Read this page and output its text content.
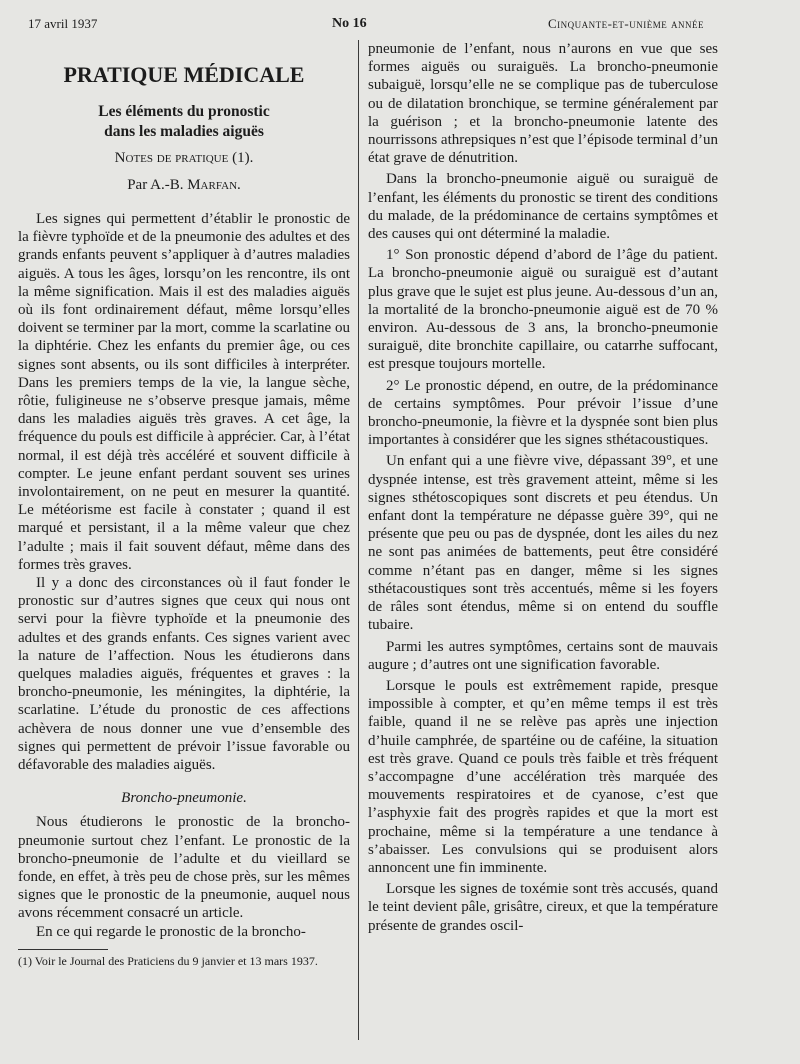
17 avril 1937	No 16	Cinquante-et-unième année
PRATIQUE MÉDICALE
Les éléments du pronostic
dans les maladies aiguës
Notes de pratique (1).
Par A.-B. Marfan.

Les signes qui permettent d’établir le pronostic de la fièvre typhoïde et de la pneumonie des adultes et des grands enfants peuvent s’appliquer à d’autres maladies aiguës. A tous les âges, lorsqu’on les rencontre, ils ont la même signification. Mais il est des maladies aiguës où ils font ordinairement défaut, même lorsqu’elles doivent se terminer par la mort, comme la scarlatine ou la diphtérie. Chez les enfants du premier âge, ou ces signes sont absents, ou ils sont difficiles à interpréter. Dans les premiers temps de la vie, la langue sèche, rôtie, fuligineuse ne s’observe presque jamais, même dans les maladies aiguës très graves. A cet âge, la fréquence du pouls est difficile à apprécier. Car, à l’état normal, il est déjà très accéléré et souvent difficile à compter. Le jeune enfant perdant souvent ses urines involontairement, on ne peut en mesurer la quantité. Le météorisme est facile à constater ; quand il est marqué et persistant, il a la même valeur que chez l’adulte ; mais il fait souvent défaut, même dans des formes très graves.

Il y a donc des circonstances où il faut fonder le pronostic sur d’autres signes que ceux qui nous ont servi pour la fièvre typhoïde et la pneumonie des adultes et des grands enfants. Ces signes varient avec la nature de l’affection. Nous les étudierons dans quelques maladies aiguës, fréquentes et graves : la broncho-pneumonie, les méningites, la diphtérie, la scarlatine. L’étude du pronostic de ces affections achèvera de nous donner une vue d’ensemble des signes qui permettent de prévoir l’issue favorable ou défavorable des maladies aiguës.

Broncho-pneumonie.

Nous étudierons le pronostic de la broncho-pneumonie surtout chez l’enfant. Le pronostic de la broncho-pneumonie de l’adulte et du vieillard se fonde, en effet, à très peu de chose près, sur les mêmes signes que le pronostic de la pneumonie, auquel nous avons récemment consacré un article.

En ce qui regarde le pronostic de la broncho-

(1) Voir le Journal des Praticiens du 9 janvier et 13 mars 1937.

pneumonie de l’enfant, nous n’aurons en vue que ses formes aiguës ou suraiguës. La broncho-pneumonie subaiguë, lorsqu’elle ne se complique pas de tuberculose ou de dilatation bronchique, se termine généralement par la guérison ; et la broncho-pneumonie latente des nourrissons athrepsiques n’est que l’épisode terminal d’un état grave de dénutrition.

Dans la broncho-pneumonie aiguë ou suraiguë de l’enfant, les éléments du pronostic se tirent des conditions du malade, de la prédominance de certains symptômes et des causes qui ont déterminé la maladie.

1° Son pronostic dépend d’abord de l’âge du patient. La broncho-pneumonie aiguë ou suraiguë est d’autant plus grave que le sujet est plus jeune. Au-dessous d’un an, la mortalité de la broncho-pneumonie aiguë est de 70 % environ. Au-dessous de 3 ans, la broncho-pneumonie suraiguë, dite bronchite capillaire, ou catarrhe suffocant, est presque toujours mortelle.

2° Le pronostic dépend, en outre, de la prédominance de certains symptômes. Pour prévoir l’issue d’une broncho-pneumonie, la fièvre et la dyspnée sont bien plus importantes à considérer que les signes sthétacoustiques.

Un enfant qui a une fièvre vive, dépassant 39°, et une dyspnée intense, est très gravement atteint, même si les signes sthétoscopiques sont discrets et peu étendus. Un enfant dont la température ne dépasse guère 39°, qui ne présente que peu ou pas de dyspnée, dont les ailes du nez ne sont pas animées de battements, peut être considéré comme n’étant pas en danger, même si les signes sthétacoustiques sont très accentués, même si les foyers de râles sont étendus, même si on entend du souffle tubaire.

Parmi les autres symptômes, certains sont de mauvais augure ; d’autres ont une signification favorable.

Lorsque le pouls est extrêmement rapide, presque impossible à compter, et qu’en même temps il est très faible, quand il ne se relève pas après une injection d’huile camphrée, de spartéine ou de caféine, la situation est très grave. Quand ce pouls très faible et très fréquent s’accompagne d’une accélération très marquée des mouvements respiratoires et de cyanose, c’est que l’asphyxie fait des progrès rapides et que la mort est prochaine, même si la température a une tendance à s’abaisser. Les convulsions qui se produisent alors annoncent une fin imminente.

Lorsque les signes de toxémie sont très accusés, quand le teint devient pâle, grisâtre, cireux, et que la température présente de grandes oscil-
